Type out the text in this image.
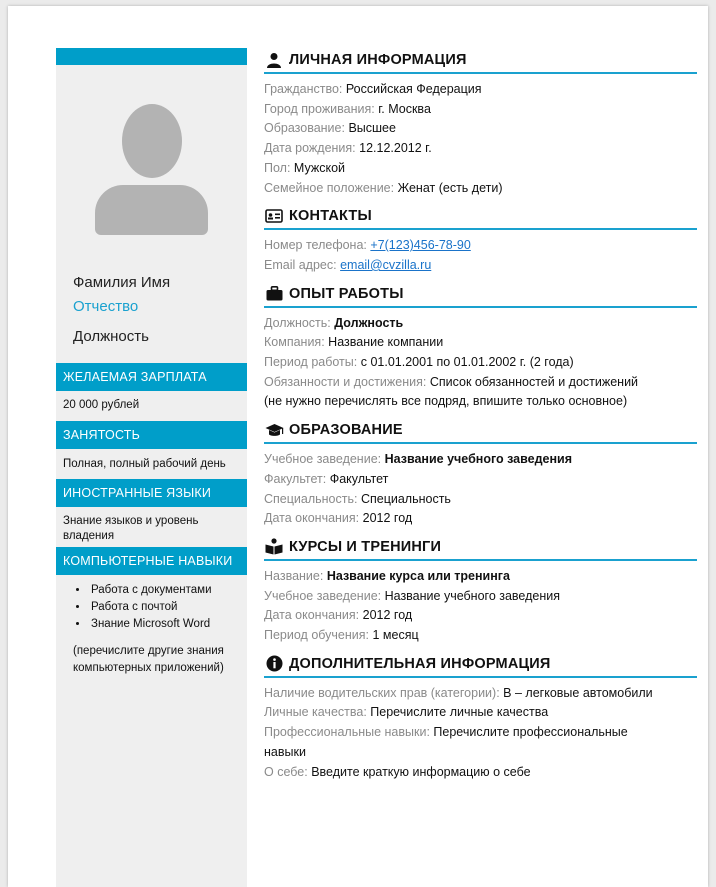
Фамилия Имя
Отчество
Должность
ЖЕЛАЕМАЯ ЗАРПЛАТА
20 000 рублей
ЗАНЯТОСТЬ
Полная, полный рабочий день
ИНОСТРАННЫЕ ЯЗЫКИ
Знание языков и уровень владения
КОМПЬЮТЕРНЫЕ НАВЫКИ
• Работа с документами
• Работа с почтой
• Знание Microsoft Word
(перечислите другие знания компьютерных приложений)
ЛИЧНАЯ ИНФОРМАЦИЯ
Гражданство: Российская Федерация
Город проживания: г. Москва
Образование: Высшее
Дата рождения: 12.12.2012 г.
Пол: Мужской
Семейное положение: Женат (есть дети)
КОНТАКТЫ
Номер телефона: +7(123)456-78-90
Email адрес: email@cvzilla.ru
ОПЫТ РАБОТЫ
Должность: Должность
Компания: Название компании
Период работы: с 01.01.2001 по 01.01.2002 г. (2 года)
Обязанности и достижения: Список обязанностей и достижений
(не нужно перечислять все подряд, впишите только основное)
ОБРАЗОВАНИЕ
Учебное заведение: Название учебного заведения
Факультет: Факультет
Специальность: Специальность
Дата окончания: 2012 год
КУРСЫ И ТРЕНИНГИ
Название: Название курса или тренинга
Учебное заведение: Название учебного заведения
Дата окончания: 2012 год
Период обучения: 1 месяц
ДОПОЛНИТЕЛЬНАЯ ИНФОРМАЦИЯ
Наличие водительских прав (категории): B – легковые автомобили
Личные качества: Перечислите личные качества
Профессиональные навыки: Перечислите профессиональные навыки
О себе: Введите краткую информацию о себе
